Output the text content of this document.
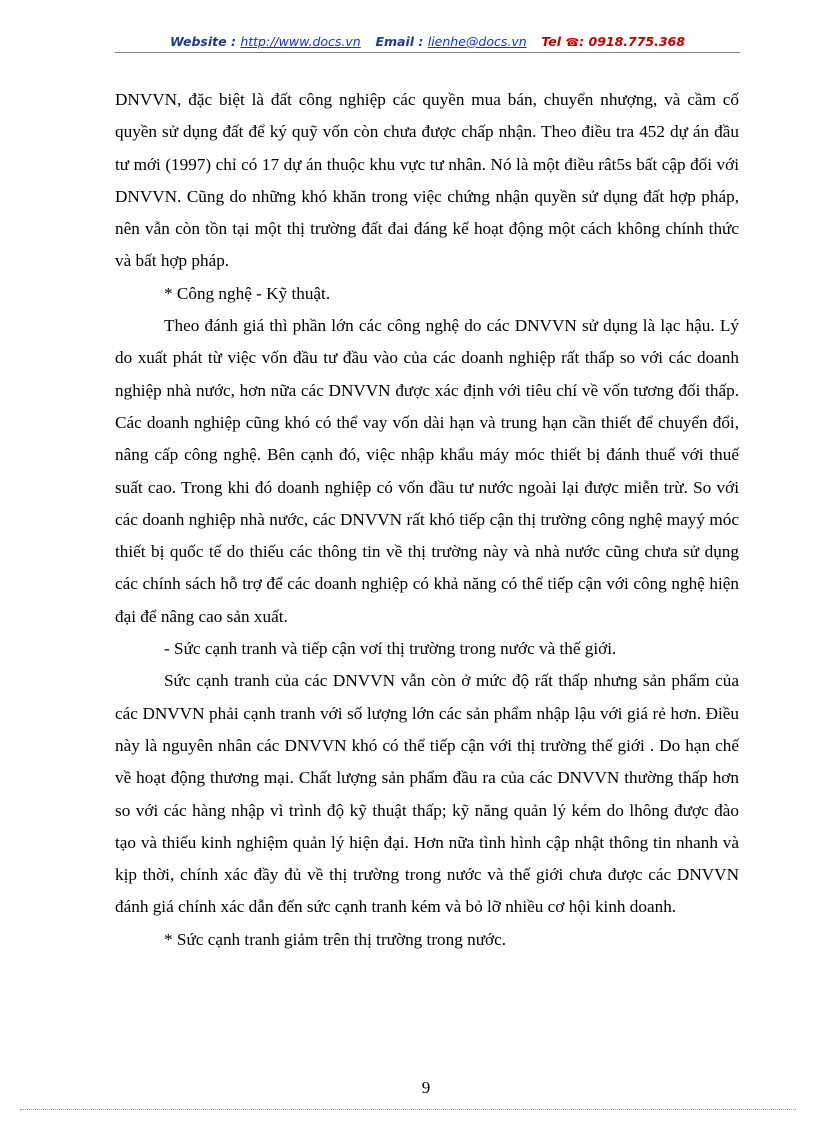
Website : http://www.docs.vn Email : lienhe@docs.vn Tel ☎: 0918.775.368

DNVVN, đặc biệt là đất công nghiệp các quyền mua bán, chuyển nhượng, và cầm cố quyền sử dụng đất để ký quỹ vốn còn chưa được chấp nhận. Theo điều tra 452 dự án đầu tư mới (1997) chỉ có 17 dự án thuộc khu vực tư nhân. Nó là một điều rât5s bất cập đối với DNVVN. Cũng do những khó khăn trong việc chứng nhận quyền sử dụng đất hợp pháp, nên vẫn còn tồn tại một thị trường đất đai đáng kể hoạt động một cách không chính thức và bất hợp pháp.

* Công nghệ - Kỹ thuật.

Theo đánh giá thì phần lớn các công nghệ do các DNVVN sử dụng là lạc hậu. Lý do xuất phát từ việc vốn đầu tư đầu vào của các doanh nghiệp rất thấp so với các doanh nghiệp nhà nước, hơn nữa các DNVVN được xác định với tiêu chí về vốn tương đối thấp. Các doanh nghiệp cũng khó có thể vay vốn dài hạn và trung hạn cần thiết để chuyển đổi, nâng cấp công nghệ. Bên cạnh đó, việc nhập khẩu máy móc thiết bị đánh thuế với thuế suất cao. Trong khi đó doanh nghiệp có vốn đầu tư nước ngoài lại được miễn trừ. So với các doanh nghiệp nhà nước, các DNVVN rất khó tiếp cận thị trường công nghệ mayý móc thiết bị quốc tế do thiếu các thông tin về thị trường này và nhà nước cũng chưa sử dụng các chính sách hỗ trợ để các doanh nghiệp có khả năng có thể tiếp cận với công nghệ hiện đại để nâng cao sản xuất.

- Sức cạnh tranh và tiếp cận vơí thị trường trong nước và thế giới.

Sức cạnh tranh của các DNVVN vẫn còn ở mức độ rất thấp nhưng sản phẩm của các DNVVN phải cạnh tranh với số lượng lớn các sản phẩm nhập lậu với giá rẻ hơn. Điều này là nguyên nhân các DNVVN khó có thể tiếp cận với thị trường thế giới . Do hạn chế về hoạt động thương mại. Chất lượng sản phẩm đầu ra của các DNVVN thường thấp hơn so với các hàng nhập vì trình độ kỹ thuật thấp; kỹ năng quản lý kém do lhông được đào tạo và thiếu kinh nghiệm quản lý hiện đại. Hơn nữa tình hình cập nhật thông tin nhanh và kịp thời, chính xác đầy đủ về thị trường trong nước và thế giới chưa được các DNVVN đánh giá chính xác dẫn đến sức cạnh tranh kém và bỏ lỡ nhiều cơ hội kinh doanh.

* Sức cạnh tranh giảm trên thị trường trong nước.

9
